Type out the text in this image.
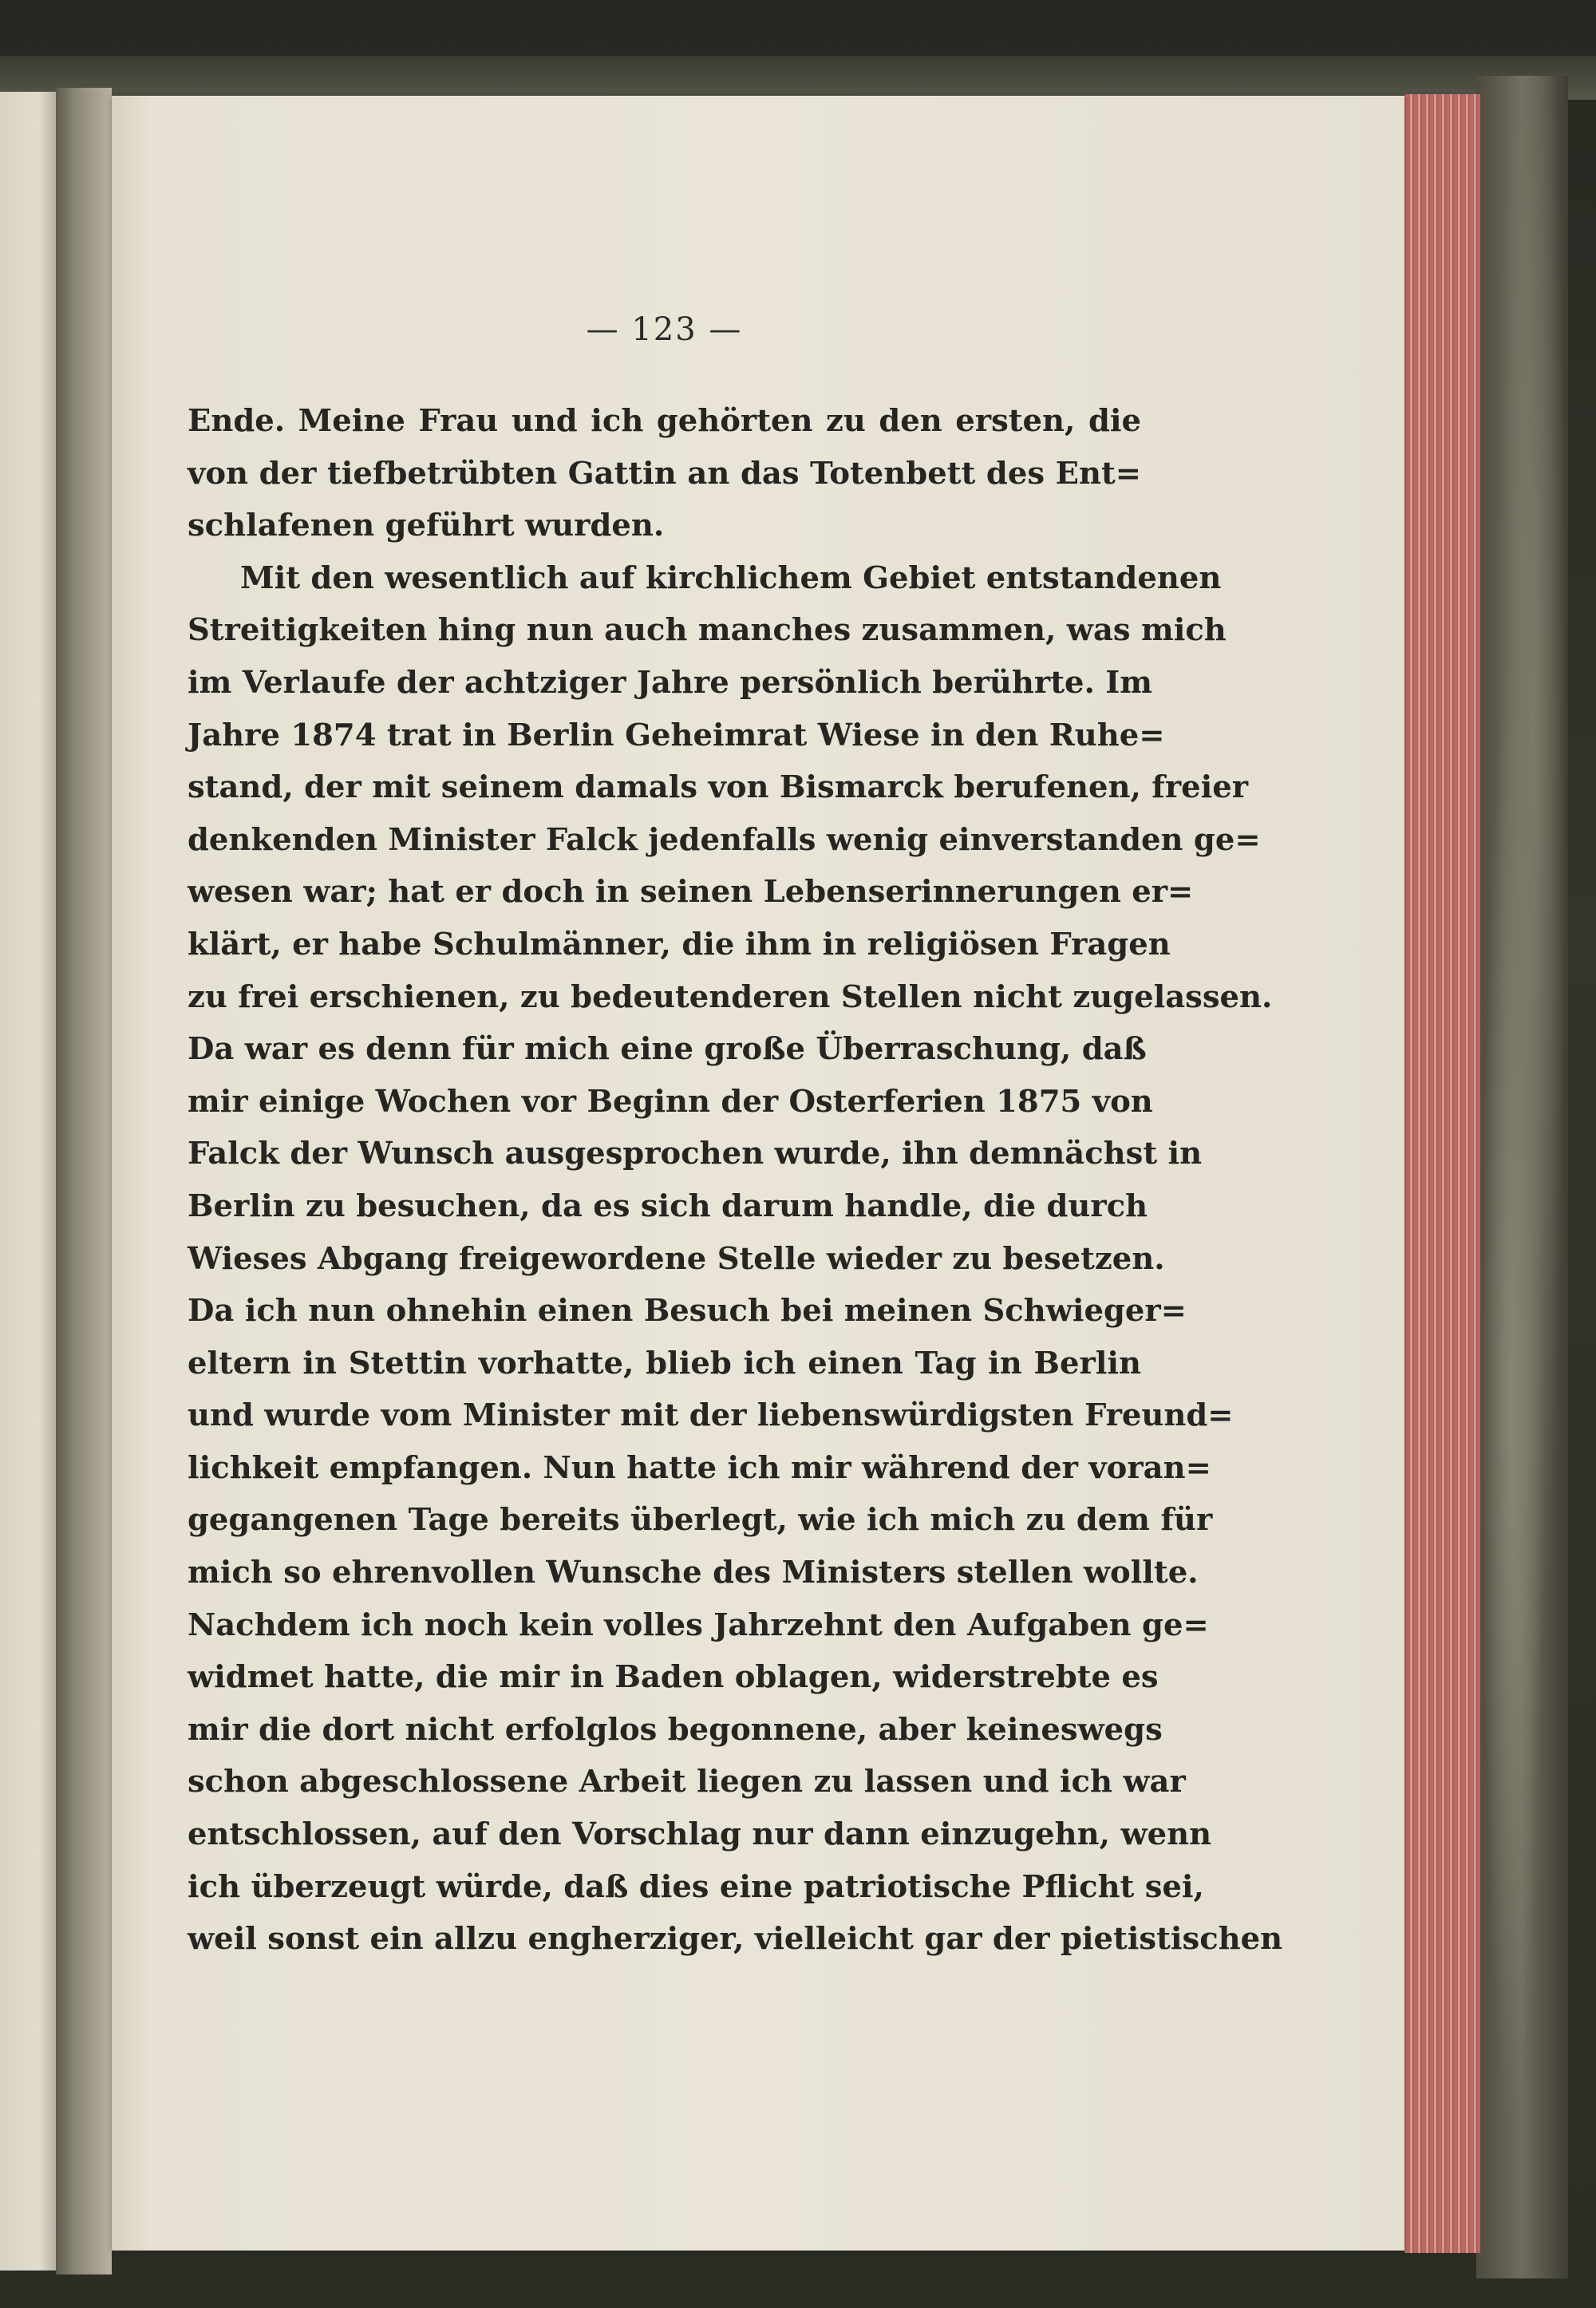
— 123 —
Ende. Meine Frau und ich gehörten zu den ersten, die
von der tiefbetrübten Gattin an das Totenbett des Ent=
schlafenen geführt wurden.
Mit den wesentlich auf kirchlichem Gebiet entstandenen
Streitigkeiten hing nun auch manches zusammen, was mich
im Verlaufe der achtziger Jahre persönlich berührte. Im
Jahre 1874 trat in Berlin Geheimrat Wiese in den Ruhe=
stand, der mit seinem damals von Bismarck berufenen, freier
denkenden Minister Falck jedenfalls wenig einverstanden ge=
wesen war; hat er doch in seinen Lebenserinnerungen er=
klärt, er habe Schulmänner, die ihm in religiösen Fragen
zu frei erschienen, zu bedeutenderen Stellen nicht zugelassen.
Da war es denn für mich eine große Überraschung, daß
mir einige Wochen vor Beginn der Osterferien 1875 von
Falck der Wunsch ausgesprochen wurde, ihn demnächst in
Berlin zu besuchen, da es sich darum handle, die durch
Wieses Abgang freigewordene Stelle wieder zu besetzen.
Da ich nun ohnehin einen Besuch bei meinen Schwieger=
eltern in Stettin vorhatte, blieb ich einen Tag in Berlin
und wurde vom Minister mit der liebenswürdigsten Freund=
lichkeit empfangen. Nun hatte ich mir während der voran=
gegangenen Tage bereits überlegt, wie ich mich zu dem für
mich so ehrenvollen Wunsche des Ministers stellen wollte.
Nachdem ich noch kein volles Jahrzehnt den Aufgaben ge=
widmet hatte, die mir in Baden oblagen, widerstrebte es
mir die dort nicht erfolglos begonnene, aber keineswegs
schon abgeschlossene Arbeit liegen zu lassen und ich war
entschlossen, auf den Vorschlag nur dann einzugehn, wenn
ich überzeugt würde, daß dies eine patriotische Pflicht sei,
weil sonst ein allzu engherziger, vielleicht gar der pietistischen
